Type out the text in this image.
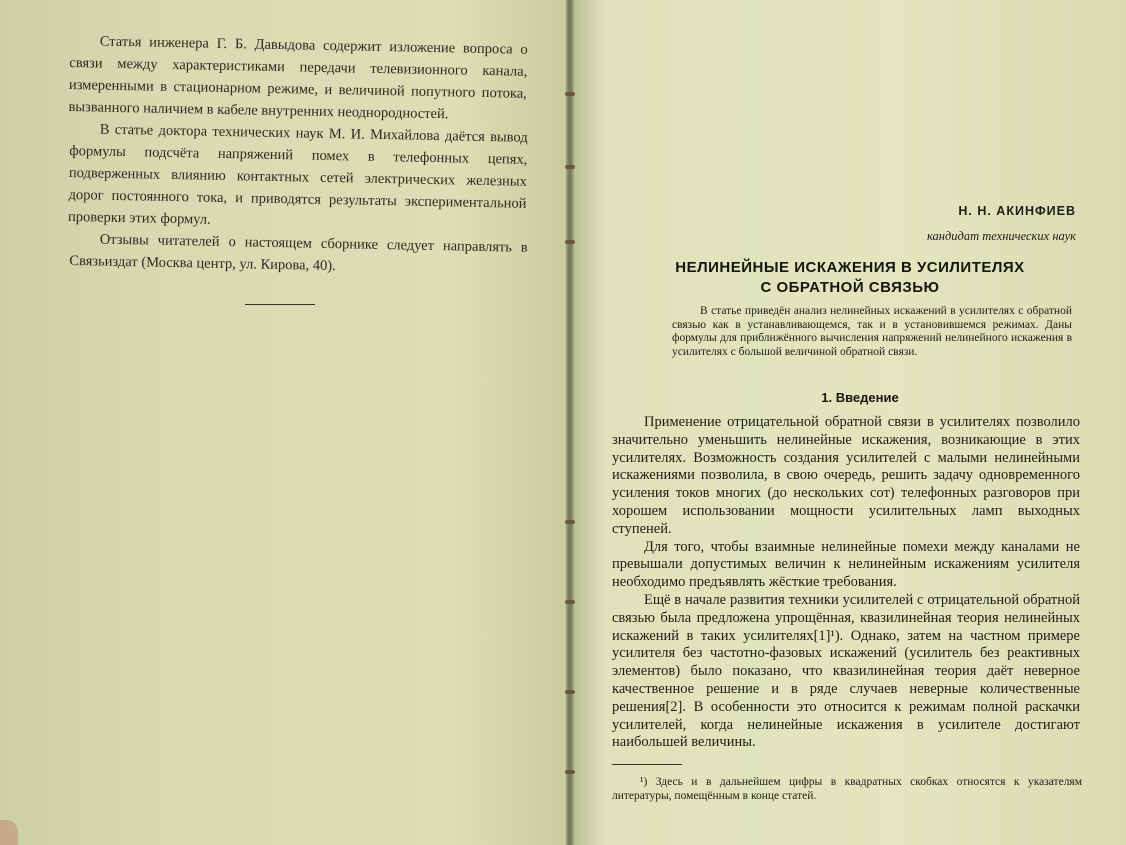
Статья инженера Г. Б. Давыдова содержит изложение вопроса о связи между характеристиками передачи телевизионного канала, измеренными в стационарном режиме, и величиной попутного потока, вызванного наличием в кабеле внутренних неоднородностей.

В статье доктора технических наук М. И. Михайлова даётся вывод формулы подсчёта напряжений помех в телефонных цепях, подверженных влиянию контактных сетей электрических железных дорог постоянного тока, и приводятся результаты экспериментальной проверки этих формул.

Отзывы читателей о настоящем сборнике следует направлять в Связьиздат (Москва центр, ул. Кирова, 40).

Н. Н. АКИНФИЕВ
кандидат технических наук
НЕЛИНЕЙНЫЕ ИСКАЖЕНИЯ В УСИЛИТЕЛЯХ
С ОБРАТНОЙ СВЯЗЬЮ
В статье приведён анализ нелинейных искажений в усилителях с обратной связью как в устанавливающемся, так и в установившемся режимах. Даны формулы для приближённого вычисления напряжений нелинейного искажения в усилителях с большой величиной обратной связи.
1. Введение

Применение отрицательной обратной связи в усилителях позволило значительно уменьшить нелинейные искажения, возникающие в этих усилителях. Возможность создания усилителей с малыми нелинейными искажениями позволила, в свою очередь, решить задачу одновременного усиления токов многих (до нескольких сот) телефонных разговоров при хорошем использовании мощности усилительных ламп выходных ступеней.

Для того, чтобы взаимные нелинейные помехи между каналами не превышали допустимых величин к нелинейным искажениям усилителя необходимо предъявлять жёсткие требования.

Ещё в начале развития техники усилителей с отрицательной обратной связью была предложена упрощённая, квазилинейная теория нелинейных искажений в таких усилителях[1]¹). Однако, затем на частном примере усилителя без частотно-фазовых искажений (усилитель без реактивных элементов) было показано, что квазилинейная теория даёт неверное качественное решение и в ряде случаев неверные количественные решения[2]. В особенности это относится к режимам полной раскачки усилителей, когда нелинейные искажения в усилителе достигают наибольшей величины.

¹) Здесь и в дальнейшем цифры в квадратных скобках относятся к указателям литературы, помещённым в конце статей.
